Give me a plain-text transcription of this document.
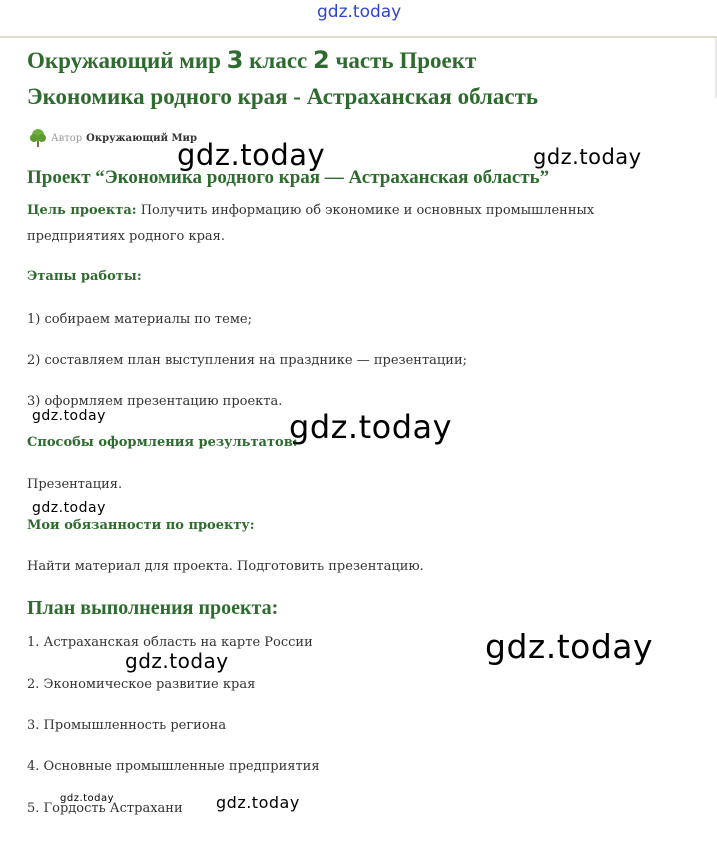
gdz.today
Окружающий мир 3 класс 2 часть Проект
Экономика родного края - Астраханская область
Автор Окружающий Мир
gdz.today	gdz.today
Проект “Экономика родного края — Астраханская область”
Цель проекта: Получить информацию об экономике и основных промышленных
предприятиях родного края.
Этапы работы:
1) собираем материалы по теме;
2) составляем план выступления на празднике — презентации;
3) оформляем презентацию проекта.
gdz.today	gdz.today
Способы оформления результатов:
Презентация.
gdz.today
Мои обязанности по проекту:
Найти материал для проекта. Подготовить презентацию.
План выполнения проекта:
gdz.today
1. Астраханская область на карте России
gdz.today
2. Экономическое развитие края
3. Промышленность региона
4. Основные промышленные предприятия
gdz.today	gdz.today
5. Гордость Астрахани
